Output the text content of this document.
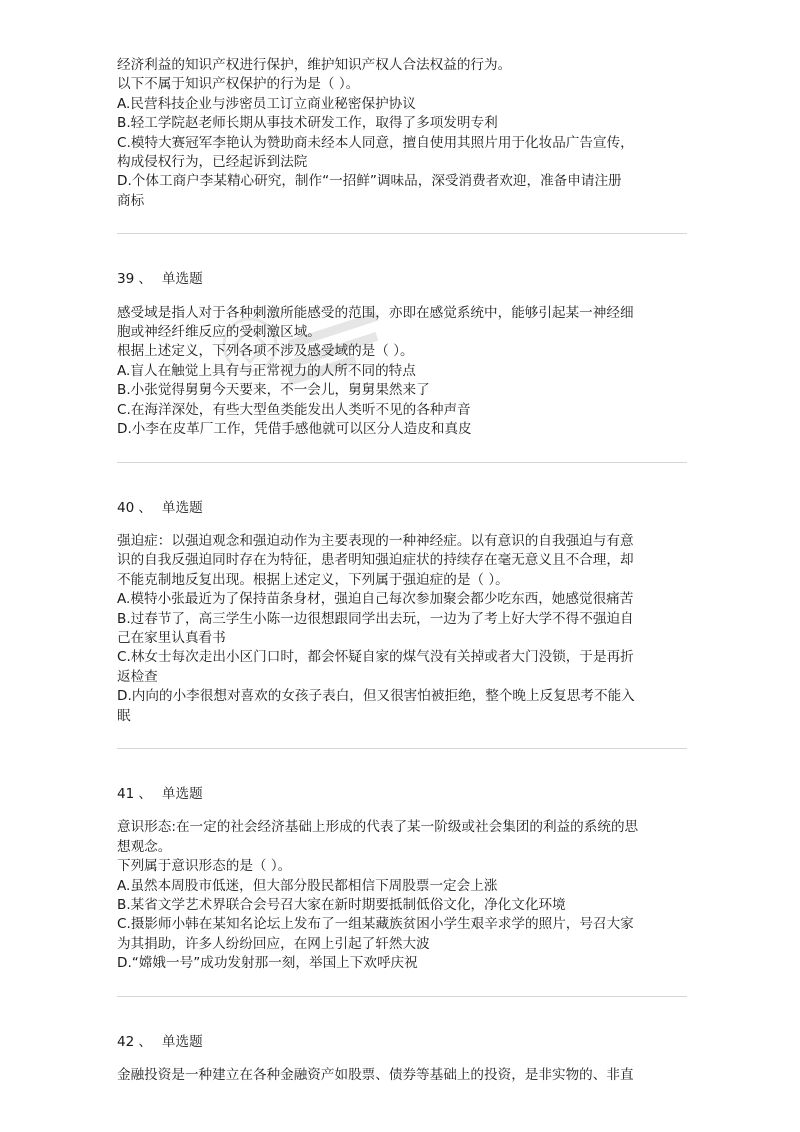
经济利益的知识产权进行保护，维护知识产权人合法权益的行为。

以下不属于知识产权保护的行为是（ ）。

A.民营科技企业与涉密员工订立商业秘密保护协议

B.轻工学院赵老师长期从事技术研发工作，取得了多项发明专利

C.模特大赛冠军李艳认为赞助商未经本人同意，擅自使用其照片用于化妆品广告宣传，

构成侵权行为，已经起诉到法院

D.个体工商户李某精心研究，制作“一招鲜”调味品，深受消费者欢迎，准备申请注册

商标

39 、 单选题

感受域是指人对于各种刺激所能感受的范围，亦即在感觉系统中，能够引起某一神经细

胞或神经纤维反应的受刺激区域。

根据上述定义，下列各项不涉及感受域的是（ ）。

A.盲人在触觉上具有与正常视力的人所不同的特点

B.小张觉得舅舅今天要来，不一会儿，舅舅果然来了

C.在海洋深处，有些大型鱼类能发出人类听不见的各种声音

D.小李在皮革厂工作，凭借手感他就可以区分人造皮和真皮

40 、 单选题

强迫症：以强迫观念和强迫动作为主要表现的一种神经症。以有意识的自我强迫与有意

识的自我反强迫同时存在为特征，患者明知强迫症状的持续存在毫无意义且不合理，却

不能克制地反复出现。根据上述定义，下列属于强迫症的是（ ）。

A.模特小张最近为了保持苗条身材，强迫自己每次参加聚会都少吃东西，她感觉很痛苦

B.过春节了，高三学生小陈一边很想跟同学出去玩，一边为了考上好大学不得不强迫自

己在家里认真看书

C.林女士每次走出小区门口时，都会怀疑自家的煤气没有关掉或者大门没锁，于是再折

返检查

D.内向的小李很想对喜欢的女孩子表白，但又很害怕被拒绝，整个晚上反复思考不能入

眠

41 、 单选题

意识形态:在一定的社会经济基础上形成的代表了某一阶级或社会集团的利益的系统的思

想观念。

下列属于意识形态的是（ ）。

A.虽然本周股市低迷，但大部分股民都相信下周股票一定会上涨

B.某省文学艺术界联合会号召大家在新时期要抵制低俗文化，净化文化环境

C.摄影师小韩在某知名论坛上发布了一组某藏族贫困小学生艰辛求学的照片，号召大家

为其捐助，许多人纷纷回应，在网上引起了轩然大波

D.“嫦娥一号”成功发射那一刻，举国上下欢呼庆祝

42 、 单选题

金融投资是一种建立在各种金融资产如股票、债券等基础上的投资，是非实物的、非直
